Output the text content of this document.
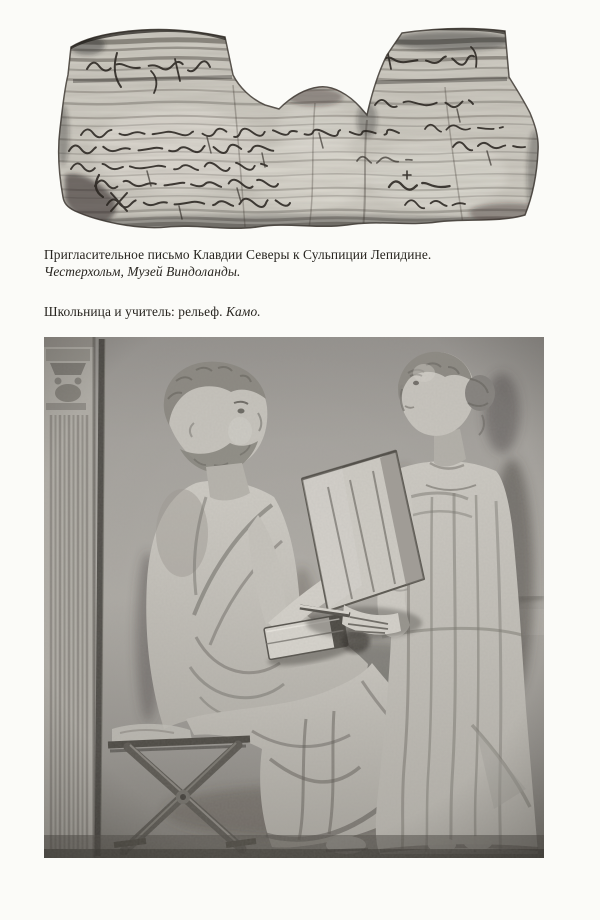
Пригласительное письмо Клавдии Северы к Сульпиции Лепидине.
Честерхольм, Музей Виндоланды.

Школьница и учитель: рельеф. Камо.
